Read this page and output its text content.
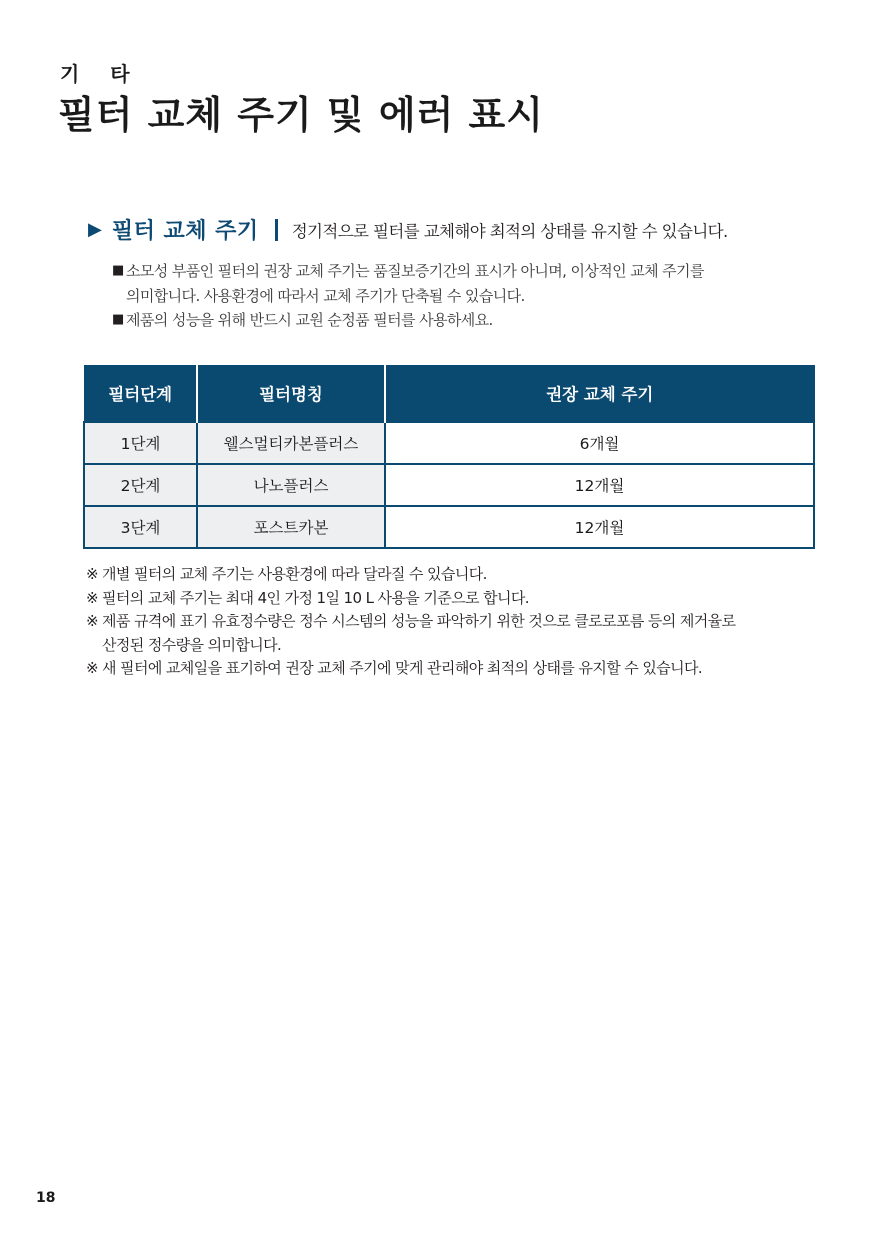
기 타
필터 교체 주기 및 에러 표시
▶ 필터 교체 주기 정기적으로 필터를 교체해야 최적의 상태를 유지할 수 있습니다.
■ 소모성 부품인 필터의 권장 교체 주기는 품질보증기간의 표시가 아니며, 이상적인 교체 주기를
의미합니다. 사용환경에 따라서 교체 주기가 단축될 수 있습니다.
■ 제품의 성능을 위해 반드시 교원 순정품 필터를 사용하세요.
필터단계	필터명칭	권장 교체 주기
1단계	웰스멀티카본플러스	6개월
2단계	나노플러스	12개월
3단계	포스트카본	12개월
※ 개별 필터의 교체 주기는 사용환경에 따라 달라질 수 있습니다.
※ 필터의 교체 주기는 최대 4인 가정 1일 10 L 사용을 기준으로 합니다.
※ 제품 규격에 표기 유효정수량은 정수 시스템의 성능을 파악하기 위한 것으로 클로로포름 등의 제거율로
산정된 정수량을 의미합니다.
※ 새 필터에 교체일을 표기하여 권장 교체 주기에 맞게 관리해야 최적의 상태를 유지할 수 있습니다.
18
